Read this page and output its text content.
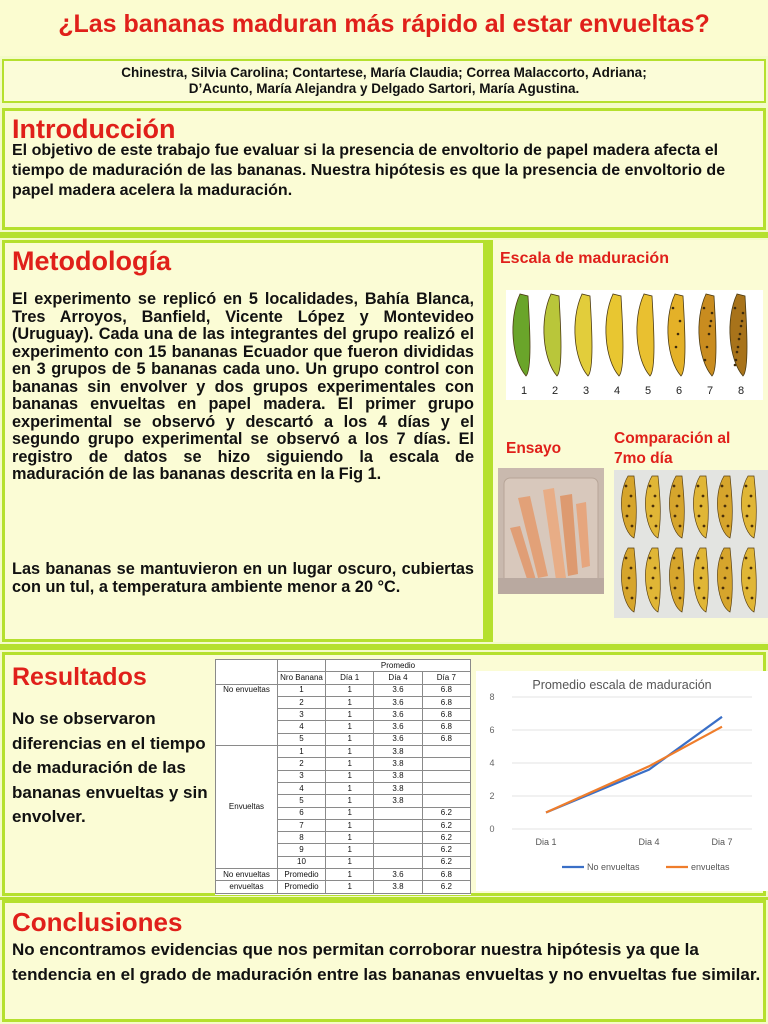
¿Las bananas maduran más rápido al estar envueltas?
Chinestra, Silvia Carolina; Contartese, María Claudia; Correa Malaccorto, Adriana;
D’Acunto, María Alejandra y Delgado Sartori, María Agustina.
Introducción
El objetivo de este trabajo fue evaluar si la presencia de envoltorio de papel madera afecta el tiempo de maduración de las bananas. Nuestra hipótesis es que la presencia de envoltorio de papel madera acelera la maduración.
Metodología
El experimento se replicó en 5 localidades, Bahía Blanca, Tres Arroyos, Banfield, Vicente López y Montevideo (Uruguay). Cada una de las integrantes del grupo realizó el experimento con 15 bananas Ecuador que fueron divididas en 3 grupos de 5 bananas cada uno. Un grupo control con bananas sin envolver y dos grupos experimentales con bananas envueltas en papel madera. El primer grupo experimental se observó y descartó a los 4 días y el segundo grupo experimental se observó a los 7 días. El registro de datos se hizo siguiendo la escala de maduración de las bananas descrita en la Fig 1.
Las bananas se mantuvieron en un lugar oscuro, cubiertas con un tul, a temperatura ambiente menor a 20 °C.
Escala de maduración
1 2 3 4 5 6 7 8
Ensayo
Comparación al
7mo día
Resultados
No se observaron diferencias en el tiempo de maduración de las bananas envueltas y sin envolver.
		Promedio		
	Nro Banana	Día 1	Día 4	Día 7
No envueltas	1	1	3.6	6.8
	2	1	3.6	6.8
	3	1	3.6	6.8
	4	1	3.6	6.8
	5	1	3.6	6.8
Envueltas	1	1	3.8	
	2	1	3.8	
	3	1	3.8	
	4	1	3.8	
	5	1	3.8	
	6	1		6.2
	7	1		6.2
	8	1		6.2
	9	1		6.2
	10	1		6.2
No envueltas	Promedio	1	3.6	6.8
envueltas	Promedio	1	3.8	6.2
Promedio escala de maduración
0
2
4
6
8
Dia 1	Dia 4	Dia 7
No envueltas	envueltas
Conclusiones
No encontramos evidencias que nos permitan corroborar nuestra hipótesis ya que la tendencia en el grado de maduración entre las bananas envueltas y no envueltas fue similar.
